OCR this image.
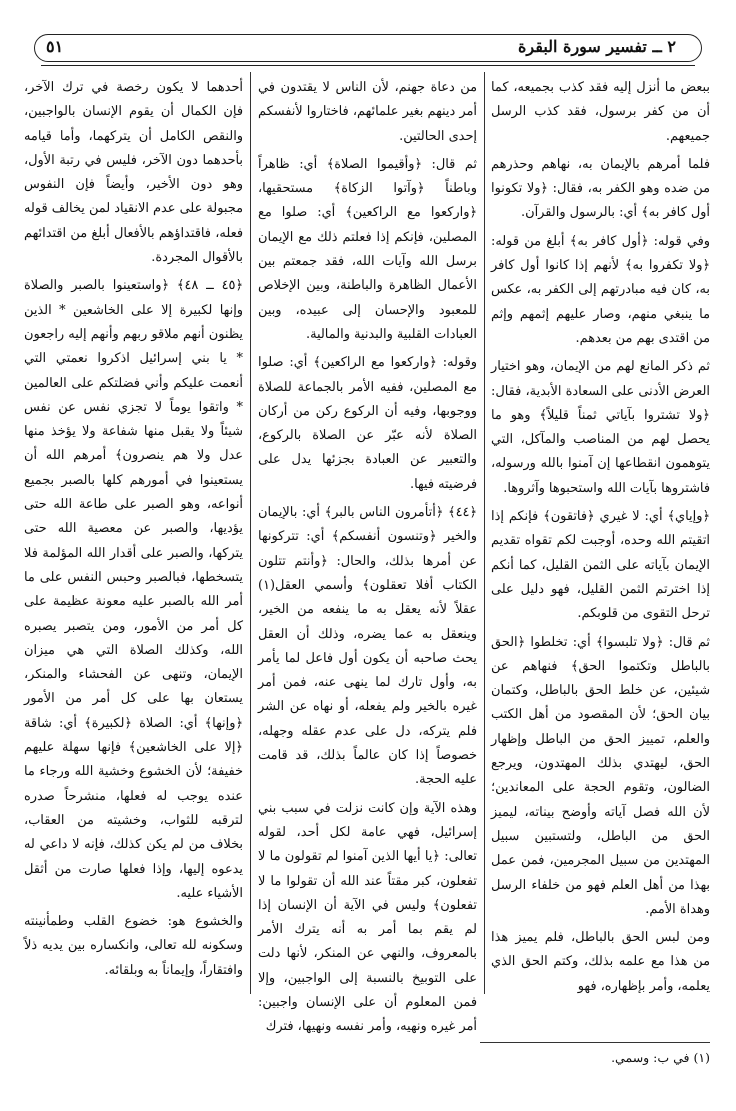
٢ ــ تفسير سورة البقرة
٥١

ببعض ما أنزل إليه فقد كذب بجميعه، كما أن من كفر برسول، فقد كذب الرسل جميعهم.

فلما أمرهم بالإيمان به، نهاهم وحذرهم من ضده وهو الكفر به، فقال: ﴿ولا تكونوا أول كافر به﴾ أي: بالرسول والقرآن.

وفي قوله: ﴿أول كافر به﴾ أبلغ من قوله: ﴿ولا تكفروا به﴾ لأنهم إذا كانوا أول كافر به، كان فيه مبادرتهم إلى الكفر به، عكس ما ينبغي منهم، وصار عليهم إثمهم وإثم من اقتدى بهم من بعدهم.

ثم ذكر المانع لهم من الإيمان، وهو اختيار العرض الأدنى على السعادة الأبدية، فقال: ﴿ولا تشتروا بآياتي ثمناً قليلاً﴾ وهو ما يحصل لهم من المناصب والمآكل، التي يتوهمون انقطاعها إن آمنوا بالله ورسوله، فاشتروها بآيات الله واستحبوها وآثروها.

﴿وإياي﴾ أي: لا غيري ﴿فاتقون﴾ فإنكم إذا اتقيتم الله وحده، أوجبت لكم تقواه تقديم الإيمان بآياته على الثمن القليل، كما أنكم إذا اخترتم الثمن القليل، فهو دليل على ترحل التقوى من قلوبكم.

ثم قال: ﴿ولا تلبسوا﴾ أي: تخلطوا ﴿الحق بالباطل وتكتموا الحق﴾ فنهاهم عن شيئين، عن خلط الحق بالباطل، وكتمان بيان الحق؛ لأن المقصود من أهل الكتب والعلم، تمييز الحق من الباطل وإظهار الحق، ليهتدي بذلك المهتدون، ويرجع الضالون، وتقوم الحجة على المعاندين؛ لأن الله فصل آياته وأوضح بيناته، ليميز الحق من الباطل، ولتستبين سبيل المهتدين من سبيل المجرمين، فمن عمل بهذا من أهل العلم فهو من خلفاء الرسل وهداة الأمم.

ومن لبس الحق بالباطل، فلم يميز هذا من هذا مع علمه بذلك، وكتم الحق الذي يعلمه، وأمر بإظهاره، فهو

من دعاة جهنم، لأن الناس لا يقتدون في أمر دينهم بغير علمائهم، فاختاروا لأنفسكم إحدى الحالتين.

ثم قال: ﴿وأقيموا الصلاة﴾ أي: ظاهراً وباطناً ﴿وآتوا الزكاة﴾ مستحقيها، ﴿واركعوا مع الراكعين﴾ أي: صلوا مع المصلين، فإنكم إذا فعلتم ذلك مع الإيمان برسل الله وآيات الله، فقد جمعتم بين الأعمال الظاهرة والباطنة، وبين الإخلاص للمعبود والإحسان إلى عبيده، وبين العبادات القلبية والبدنية والمالية.

وقوله: ﴿واركعوا مع الراكعين﴾ أي: صلوا مع المصلين، ففيه الأمر بالجماعة للصلاة ووجوبها، وفيه أن الركوع ركن من أركان الصلاة لأنه عبّر عن الصلاة بالركوع، والتعبير عن العبادة بجزئها يدل على فرضيته فيها.

﴿٤٤﴾ ﴿أتأمرون الناس بالبر﴾ أي: بالإيمان والخير ﴿وتنسون أنفسكم﴾ أي: تتركونها عن أمرها بذلك، والحال: ﴿وأنتم تتلون الكتاب أفلا تعقلون﴾ وأسمي العقل(١) عقلاً لأنه يعقل به ما ينفعه من الخير، وينعقل به عما يضره، وذلك أن العقل يحث صاحبه أن يكون أول فاعل لما يأمر به، وأول تارك لما ينهى عنه، فمن أمر غيره بالخير ولم يفعله، أو نهاه عن الشر فلم يتركه، دل على عدم عقله وجهله، خصوصاً إذا كان عالماً بذلك، قد قامت عليه الحجة.

وهذه الآية وإن كانت نزلت في سبب بني إسرائيل، فهي عامة لكل أحد، لقوله تعالى: ﴿يا أيها الذين آمنوا لم تقولون ما لا تفعلون، كبر مقتاً عند الله أن تقولوا ما لا تفعلون﴾ وليس في الآية أن الإنسان إذا لم يقم بما أمر به أنه يترك الأمر بالمعروف، والنهي عن المنكر، لأنها دلت على التوبيخ بالنسبة إلى الواجبين، وإلا فمن المعلوم أن على الإنسان واجبين: أمر غيره ونهيه، وأمر نفسه ونهيها، فترك

أحدهما لا يكون رخصة في ترك الآخر، فإن الكمال أن يقوم الإنسان بالواجبين، والنقص الكامل أن يتركهما، وأما قيامه بأحدهما دون الآخر، فليس في رتبة الأول، وهو دون الأخير، وأيضاً فإن النفوس مجبولة على عدم الانقياد لمن يخالف قوله فعله، فاقتداؤهم بالأفعال أبلغ من اقتدائهم بالأقوال المجردة.

﴿٤٥ ــ ٤٨﴾ ﴿واستعينوا بالصبر والصلاة وإنها لكبيرة إلا على الخاشعين * الذين يظنون أنهم ملاقو ربهم وأنهم إليه راجعون * يا بني إسرائيل اذكروا نعمتي التي أنعمت عليكم وأني فضلتكم على العالمين * واتقوا يوماً لا تجزي نفس عن نفس شيئاً ولا يقبل منها شفاعة ولا يؤخذ منها عدل ولا هم ينصرون﴾ أمرهم الله أن يستعينوا في أمورهم كلها بالصبر بجميع أنواعه، وهو الصبر على طاعة الله حتى يؤديها، والصبر عن معصية الله حتى يتركها، والصبر على أقدار الله المؤلمة فلا يتسخطها، فبالصبر وحبس النفس على ما أمر الله بالصبر عليه معونة عظيمة على كل أمر من الأمور، ومن يتصبر يصبره الله، وكذلك الصلاة التي هي ميزان الإيمان، وتنهى عن الفحشاء والمنكر، يستعان بها على كل أمر من الأمور ﴿وإنها﴾ أي: الصلاة ﴿لكبيرة﴾ أي: شاقة ﴿إلا على الخاشعين﴾ فإنها سهلة عليهم خفيفة؛ لأن الخشوع وخشية الله ورجاء ما عنده يوجب له فعلها، منشرحاً صدره لترقبه للثواب، وخشيته من العقاب، بخلاف من لم يكن كذلك، فإنه لا داعي له يدعوه إليها، وإذا فعلها صارت من أثقل الأشياء عليه.

والخشوع هو: خضوع القلب وطمأنينته وسكونه لله تعالى، وانكساره بين يديه ذلاً وافتقاراً، وإيماناً به وبلقائه.

(١) في ب: وسمي.
